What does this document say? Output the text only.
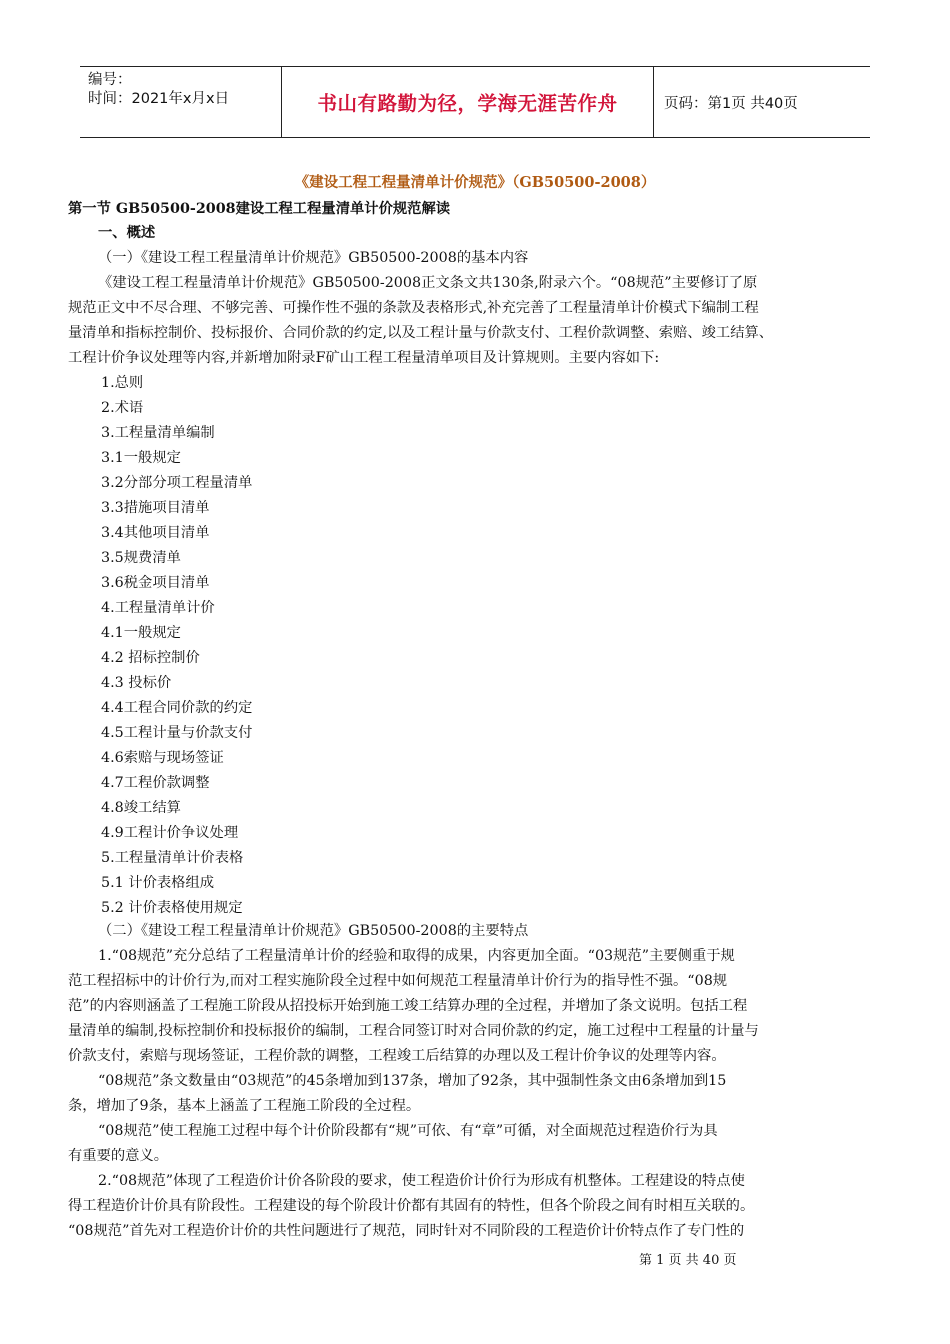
编号：
时间：2021年x月x日	书山有路勤为径，学海无涯苦作舟	页码：第1页 共40页
《建设工程工程量清单计价规范》（GB50500-2008）
第一节 GB50500-2008建设工程工程量清单计价规范解读
一、概述
（一）《建设工程工程量清单计价规范》GB50500-2008的基本内容
《建设工程工程量清单计价规范》GB50500-2008正文条文共130条,附录六个。“08规范”主要修订了原
规范正文中不尽合理、不够完善、可操作性不强的条款及表格形式,补充完善了工程量清单计价模式下编制工程
量清单和指标控制价、投标报价、合同价款的约定,以及工程计量与价款支付、工程价款调整、索赔、竣工结算、
工程计价争议处理等内容,并新增加附录F矿山工程工程量清单项目及计算规则。主要内容如下:
1.总则
2.术语
3.工程量清单编制
3.1一般规定
3.2分部分项工程量清单
3.3措施项目清单
3.4其他项目清单
3.5规费清单
3.6税金项目清单
4.工程量清单计价
4.1一般规定
4.2 招标控制价
4.3 投标价
4.4工程合同价款的约定
4.5工程计量与价款支付
4.6索赔与现场签证
4.7工程价款调整
4.8竣工结算
4.9工程计价争议处理
5.工程量清单计价表格
5.1 计价表格组成
5.2 计价表格使用规定
（二）《建设工程工程量清单计价规范》GB50500-2008的主要特点
1.“08规范”充分总结了工程量清单计价的经验和取得的成果，内容更加全面。“03规范”主要侧重于规
范工程招标中的计价行为,而对工程实施阶段全过程中如何规范工程量清单计价行为的指导性不强。“08规
范”的内容则涵盖了工程施工阶段从招投标开始到施工竣工结算办理的全过程，并增加了条文说明。包括工程
量清单的编制,投标控制价和投标报价的编制，工程合同签订时对合同价款的约定，施工过程中工程量的计量与
价款支付，索赔与现场签证，工程价款的调整，工程竣工后结算的办理以及工程计价争议的处理等内容。
“08规范”条文数量由“03规范”的45条增加到137条，增加了92条，其中强制性条文由6条增加到15
条，增加了9条，基本上涵盖了工程施工阶段的全过程。
“08规范”使工程施工过程中每个计价阶段都有“规”可依、有“章”可循，对全面规范过程造价行为具
有重要的意义。
2.“08规范”体现了工程造价计价各阶段的要求，使工程造价计价行为形成有机整体。工程建设的特点使
得工程造价计价具有阶段性。工程建设的每个阶段计价都有其固有的特性，但各个阶段之间有时相互关联的。
“08规范”首先对工程造价计价的共性问题进行了规范，同时针对不同阶段的工程造价计价特点作了专门性的
第 1 页 共 40 页
